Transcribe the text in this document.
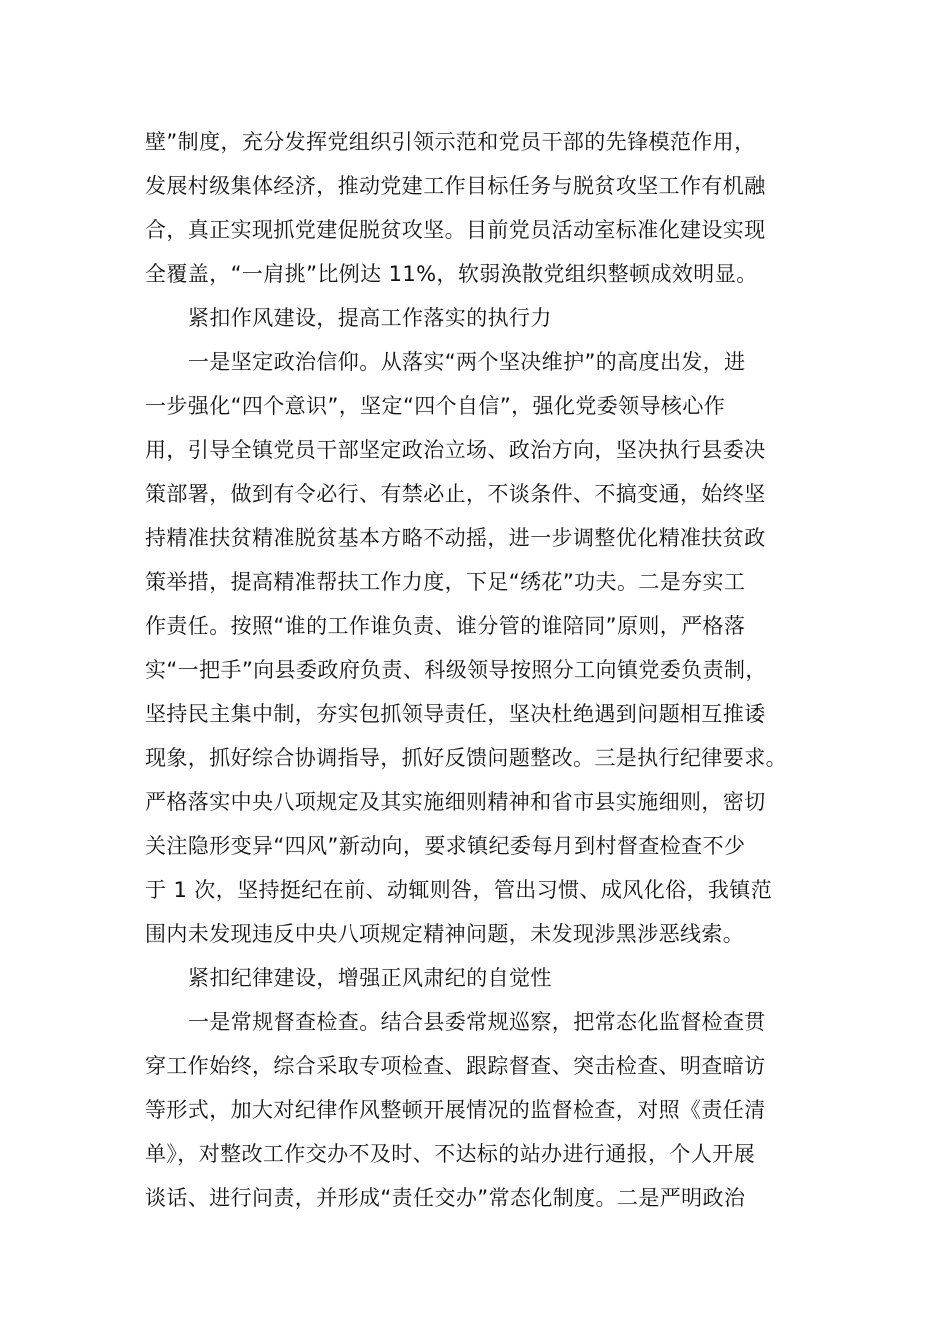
壁”制度，充分发挥党组织引领示范和党员干部的先锋模范作用，
发展村级集体经济，推动党建工作目标任务与脱贫攻坚工作有机融
合，真正实现抓党建促脱贫攻坚。目前党员活动室标准化建设实现
全覆盖，“一肩挑”比例达 11%，软弱涣散党组织整顿成效明显。
紧扣作风建设，提高工作落实的执行力
一是坚定政治信仰。从落实“两个坚决维护”的高度出发，进
一步强化“四个意识”，坚定“四个自信”，强化党委领导核心作
用，引导全镇党员干部坚定政治立场、政治方向，坚决执行县委决
策部署，做到有令必行、有禁必止，不谈条件、不搞变通，始终坚
持精准扶贫精准脱贫基本方略不动摇，进一步调整优化精准扶贫政
策举措，提高精准帮扶工作力度，下足“绣花”功夫。二是夯实工
作责任。按照“谁的工作谁负责、谁分管的谁陪同”原则，严格落
实“一把手”向县委政府负责、科级领导按照分工向镇党委负责制，
坚持民主集中制，夯实包抓领导责任，坚决杜绝遇到问题相互推诿
现象，抓好综合协调指导，抓好反馈问题整改。三是执行纪律要求。
严格落实中央八项规定及其实施细则精神和省市县实施细则，密切
关注隐形变异“四风”新动向，要求镇纪委每月到村督查检查不少
于 1 次，坚持挺纪在前、动辄则咎，管出习惯、成风化俗，我镇范
围内未发现违反中央八项规定精神问题，未发现涉黑涉恶线索。
紧扣纪律建设，增强正风肃纪的自觉性
一是常规督查检查。结合县委常规巡察，把常态化监督检查贯
穿工作始终，综合采取专项检查、跟踪督查、突击检查、明查暗访
等形式，加大对纪律作风整顿开展情况的监督检查，对照《责任清
单》，对整改工作交办不及时、不达标的站办进行通报，个人开展
谈话、进行问责，并形成“责任交办”常态化制度。二是严明政治
